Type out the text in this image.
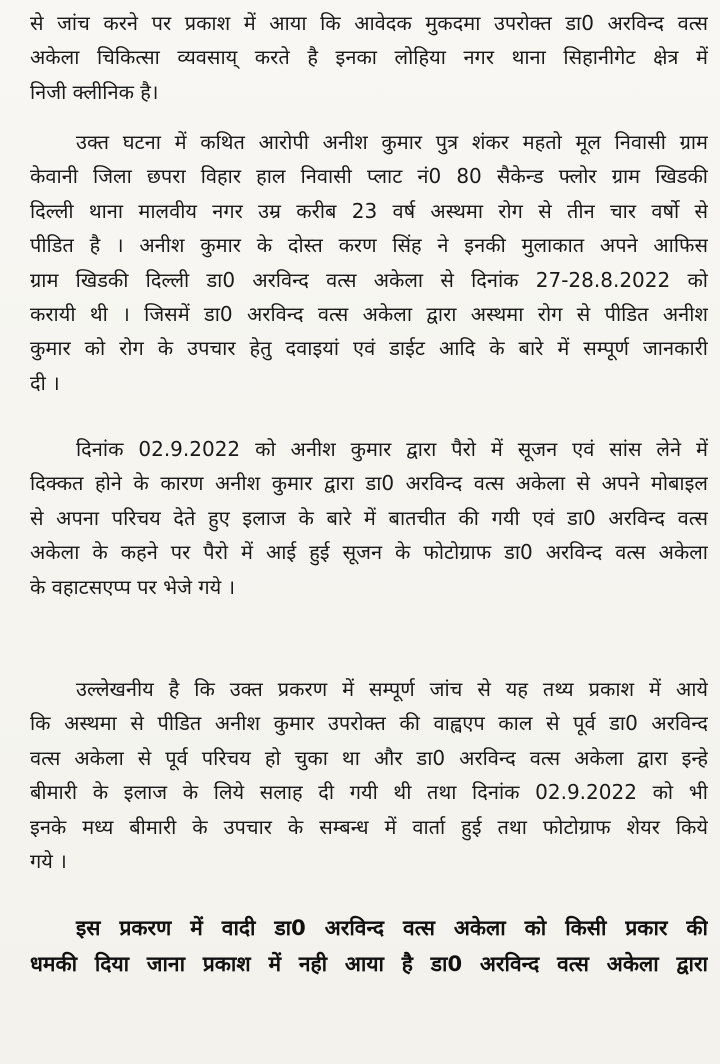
से जांच करने पर प्रकाश में आया कि आवेदक मुकदमा उपरोक्त डा0 अरविन्द वत्स
अकेला चिकित्सा व्यवसाय् करते है इनका लोहिया नगर थाना सिहानीगेट क्षेत्र में
निजी क्लीनिक है।
उक्त घटना में कथित आरोपी अनीश कुमार पुत्र शंकर महतो मूल निवासी ग्राम
केवानी जिला छपरा विहार हाल निवासी प्लाट नं0 80 सैकेन्ड फ्लोर ग्राम खिडकी
दिल्ली थाना मालवीय नगर उम्र करीब 23 वर्ष अस्थमा रोग से तीन चार वर्षो से
पीडित है । अनीश कुमार के दोस्त करण सिंह ने इनकी मुलाकात अपने आफिस
ग्राम खिडकी दिल्ली डा0 अरविन्द वत्स अकेला से दिनांक 27-28.8.2022 को
करायी थी । जिसमें डा0 अरविन्द वत्स अकेला द्वारा अस्थमा रोग से पीडित अनीश
कुमार को रोग के उपचार हेतु दवाइयां एवं डाईट आदि के बारे में सम्पूर्ण जानकारी
दी ।
दिनांक 02.9.2022 को अनीश कुमार द्वारा पैरो में सूजन एवं सांस लेने में
दिक्कत होने के कारण अनीश कुमार द्वारा डा0 अरविन्द वत्स अकेला से अपने मोबाइल
से अपना परिचय देते हुए इलाज के बारे में बातचीत की गयी एवं डा0 अरविन्द वत्स
अकेला के कहने पर पैरो में आई हुई सूजन के फोटोग्राफ डा0 अरविन्द वत्स अकेला
के वहाटसएप्प पर भेजे गये ।
उल्लेखनीय है कि उक्त प्रकरण में सम्पूर्ण जांच से यह तथ्य प्रकाश में आये
कि अस्थमा से पीडित अनीश कुमार उपरोक्त की वाह्वएप काल से पूर्व डा0 अरविन्द
वत्स अकेला से पूर्व परिचय हो चुका था और डा0 अरविन्द वत्स अकेला द्वारा इन्हे
बीमारी के इलाज के लिये सलाह दी गयी थी तथा दिनांक 02.9.2022 को भी
इनके मध्य बीमारी के उपचार के सम्बन्ध में वार्ता हुई तथा फोटोग्राफ शेयर किये
गये ।
इस प्रकरण में वादी डा0 अरविन्द वत्स अकेला को किसी प्रकार की
धमकी दिया जाना प्रकाश में नही आया है डा0 अरविन्द वत्स अकेला द्वारा
